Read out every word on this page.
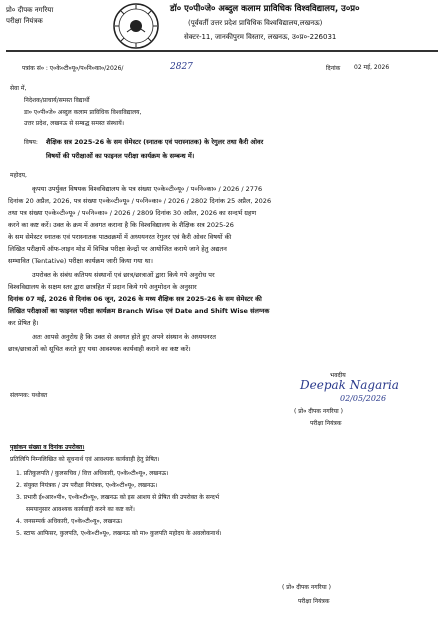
प्रो० दीपक नगरिया
परीक्षा नियंत्रक
डॉ० ए०पी०जे० अब्दुल कलाम प्राविधिक विश्वविद्यालय, उ०प्र०
(पूर्ववर्ती उत्तर प्रदेश प्राविधिक विश्वविद्यालय,लखनऊ)
सेक्टर-11, जानकीपुरम विस्तार, लखनऊ, उ०प्र०-226031
पत्रांक सं० : ए०के०टी०यू०/प०नि०का०/2026/	2827	दिनांक 02 मई, 2026
सेवा में,
निदेशक/प्राचार्य/समस्त विद्यार्थी
डा० ए०पी०जे० अब्दुल कलाम प्राविधिक विश्वविद्यालय,
उत्तर प्रदेश, लखनऊ से सम्बद्ध समस्त संस्थायें।
विषय: शैक्षिक सत्र 2025-26 के सम सेमेस्टर (स्नातक एवं परास्नातक) के रेगुलर तथा कैरी ओवर
विषयों की परीक्षाओं का फाइनल परीक्षा कार्यक्रम के सम्बन्ध में।
महोदय,
कृपया उपर्युक्त विषयक विश्वविद्यालय के पत्र संख्या ए०के०टी०यू० / प०नि०का० / 2026 / 2776
दिनांक 20 अप्रैल, 2026, पत्र संख्या ए०के०टी०यू० / प०नि०का० / 2026 / 2802 दिनांक 25 अप्रैल, 2026
तथा पत्र संख्या ए०के०टी०यू० / प०नि०का० / 2026 / 2809 दिनांक 30 अप्रैल, 2026 का सन्दर्भ ग्रहण
करने का कष्ट करें। उक्त के क्रम में अवगत कराना है कि विश्वविद्यालय के शैक्षिक सत्र 2025-26
के सम सेमेस्टर स्नातक एवं परास्नातक पाठ्यक्रमों में अध्ययनरत रेगुलर एवं कैरी ओवर विषयों की
लिखित परीक्षायें ऑफ-लाइन मोड में विभिन्न परीक्षा केन्द्रों पर आयोजित कराये जाने हेतु अद्यतन
सम्भावित (Tentative) परीक्षा कार्यक्रम जारी किया गया था।
उपरोक्त के संबंध कतिपय संस्थानों एवं छात्र/छात्राओं द्वारा किये गये अनुरोध पर
विश्वविद्यालय के सक्षम स्तर द्वारा छात्रहित में प्रदान किये गये अनुमोदन के अनुसार
दिनांक 07 मई, 2026 से दिनांक 06 जून, 2026 के मध्य शैक्षिक सत्र 2025-26 के सम सेमेस्टर की
लिखित परीक्षाओं का फाइनल परीक्षा कार्यक्रम Branch Wise एवं Date and Shift Wise संलग्नक
कर प्रेषित है।
अतः आपसे अनुरोध है कि उक्त से अवगत होते हुए अपने संस्थान के अध्ययनरत
छात्र/छात्राओं को सूचित करते हुए यथा आवश्यक कार्यवाही कराने का कष्ट करें।
भवदीय
संलग्नक: यथोक्त
Deepak Nagaria
02/05/2026
( प्रो० दीपक नगरिया )
परीक्षा नियंत्रक
पृष्ठांकन संख्या व दिनांक उपरोक्त।
प्रतिलिपि निम्नलिखित को सूचनार्थ एवं आवश्यक कार्यवाही हेतु प्रेषित।
1. प्रतिकुलपति / कुलसचिव / वित्त अधिकारी, ए०के०टी०यू०, लखनऊ।
2. संयुक्त नियंत्रक / उप परीक्षा नियंत्रक, ए०के०टी०यू०, लखनऊ।
3. प्रभारी ई०आर०पी०, ए०के०टी०यू०, लखनऊ को इस आशय से प्रेषित की उपरोक्त के सन्दर्भ
समयानुसार आवश्यक कार्यवाही करने का कष्ट करें।
4. जनसम्पर्क अधिकारी, ए०के०टी०यू०, लखनऊ।
5. स्टाफ आफिसर, कुलपति, ए०के०टी०यू०, लखनऊ को मा० कुलपति महोदय के अवलोकनार्थ।
( प्रो० दीपक नगरिया )
परीक्षा नियंत्रक
